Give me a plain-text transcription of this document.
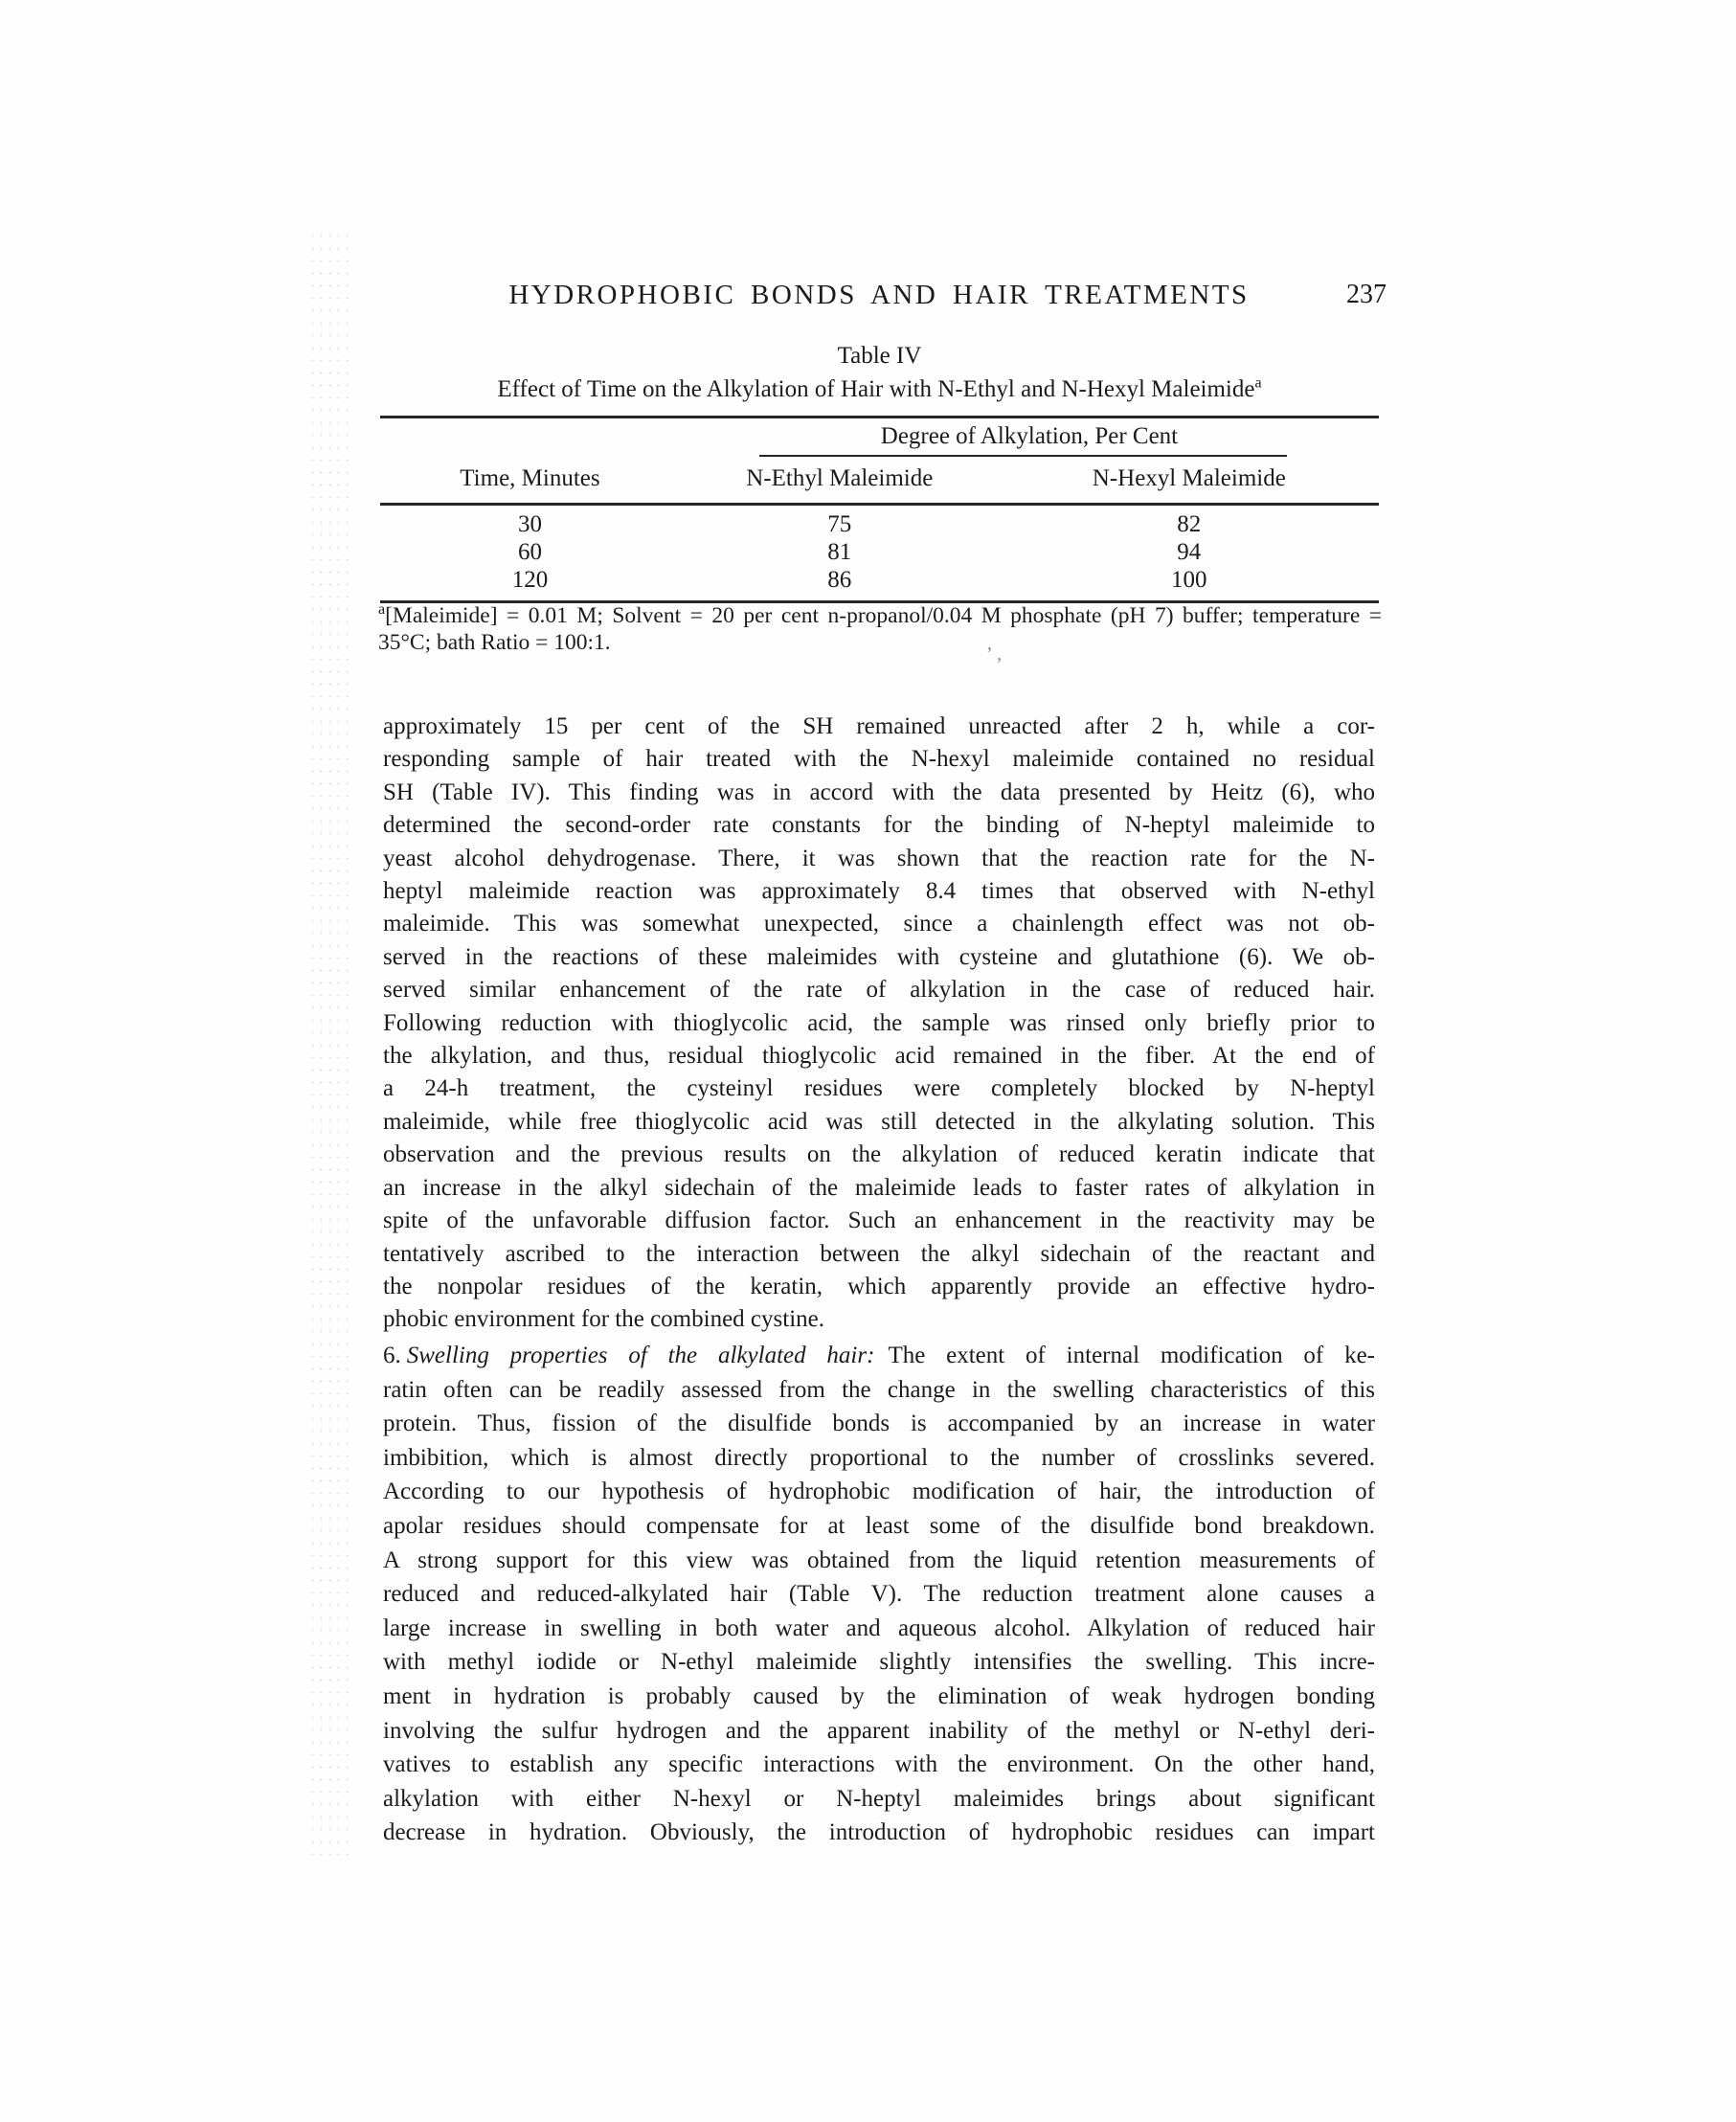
’ ‚
HYDROPHOBIC BONDS AND HAIR TREATMENTS	237
Table IV
Effect of Time on the Alkylation of Hair with N-Ethyl and N-Hexyl Maleimide$^a$
Degree of Alkylation, Per Cent
Time, Minutes	N-Ethyl Maleimide	N-Hexyl Maleimide
30	75	82
60	81	94
120	86	100
$^a$[Maleimide] = 0.01 M; Solvent = 20 per cent n-propanol/0.04 M phosphate (pH 7) buffer; temperature =
35°C; bath Ratio = 100:1.
approximately 15 per cent of the SH remained unreacted after 2 h, while a cor-
responding sample of hair treated with the N-hexyl maleimide contained no residual
SH (Table IV). This finding was in accord with the data presented by Heitz (6), who
determined the second-order rate constants for the binding of N-heptyl maleimide to
yeast alcohol dehydrogenase. There, it was shown that the reaction rate for the N-
heptyl maleimide reaction was approximately 8.4 times that observed with N-ethyl
maleimide. This was somewhat unexpected, since a chainlength effect was not ob-
served in the reactions of these maleimides with cysteine and glutathione (6). We ob-
served similar enhancement of the rate of alkylation in the case of reduced hair.
Following reduction with thioglycolic acid, the sample was rinsed only briefly prior to
the alkylation, and thus, residual thioglycolic acid remained in the fiber. At the end of
a 24-h treatment, the cysteinyl residues were completely blocked by N-heptyl
maleimide, while free thioglycolic acid was still detected in the alkylating solution. This
observation and the previous results on the alkylation of reduced keratin indicate that
an increase in the alkyl sidechain of the maleimide leads to faster rates of alkylation in
spite of the unfavorable diffusion factor. Such an enhancement in the reactivity may be
tentatively ascribed to the interaction between the alkyl sidechain of the reactant and
the nonpolar residues of the keratin, which apparently provide an effective hydro-
phobic environment for the combined cystine.
6. Swelling properties of the alkylated hair: The extent of internal modification of ke-
ratin often can be readily assessed from the change in the swelling characteristics of this
protein. Thus, fission of the disulfide bonds is accompanied by an increase in water
imbibition, which is almost directly proportional to the number of crosslinks severed.
According to our hypothesis of hydrophobic modification of hair, the introduction of
apolar residues should compensate for at least some of the disulfide bond breakdown.
A strong support for this view was obtained from the liquid retention measurements of
reduced and reduced-alkylated hair (Table V). The reduction treatment alone causes a
large increase in swelling in both water and aqueous alcohol. Alkylation of reduced hair
with methyl iodide or N-ethyl maleimide slightly intensifies the swelling. This incre-
ment in hydration is probably caused by the elimination of weak hydrogen bonding
involving the sulfur hydrogen and the apparent inability of the methyl or N-ethyl deri-
vatives to establish any specific interactions with the environment. On the other hand,
alkylation with either N-hexyl or N-heptyl maleimides brings about significant
decrease in hydration. Obviously, the introduction of hydrophobic residues can impart
